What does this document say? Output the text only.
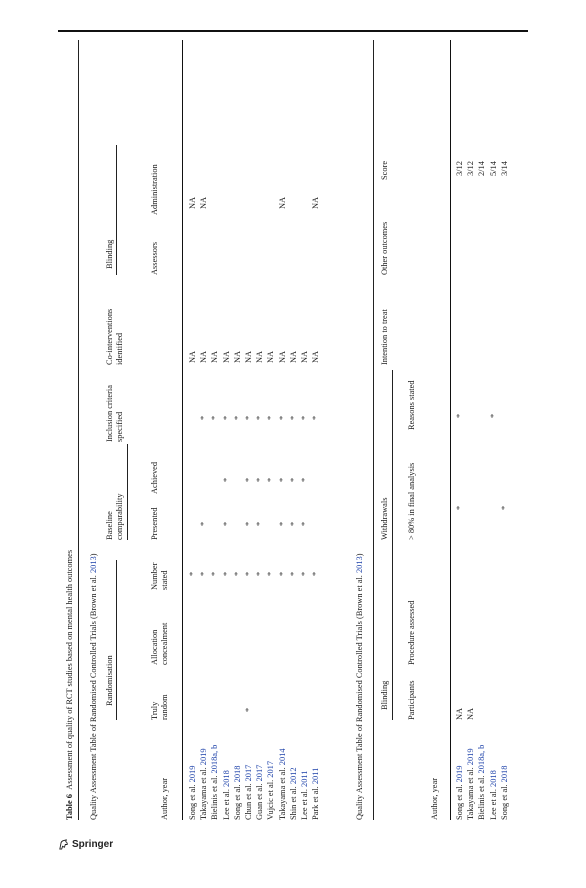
Table 6  Assessment of quality of RCT studies based on mental health outcomes Quality Assessment Table of Randomised Controlled Trials (Brown et al. 2013)
Author, year
Randomisation
Truly random
Allocation concealment
Number stated
Baseline comparability	Presented
Achieved
Inclusion criteria specified
Co-interventions identified
Blinding	Assessors
Administration
Song et al. 2019
*
NA
NA
Takayama et al. 2019
*
*
*
NA
NA
Bielinis et al. 2018a, b
*
*
NA
Lee et al. 2018
*
*
*
*
NA
Song et al. 2018
*
*
NA
Chun et al. 2017
*
*
*
*
*
NA
Guan et al. 2017
*
*
*
*
NA
Vujcic et al. 2017
*
*
*
NA
Takayama et al. 2014
*
*
*
*
NA
NA
Shin et al. 2012
*
*
*
*
NA
Lee et al. 2011
*
*
*
*
NA
Park et al. 2011
*
*
NA
NA
Quality Assessment Table of Randomised Controlled Trials (Brown et al. 2013)
Author, year
Blinding Participants
Procedure assessed
Withdrawals > 80% in final analysis
Reasons stated
Intention to treat
Other outcomes
Score
Song et al. 2019
NA
*
*
3/12
Takayama et al. 2019
NA
3/12
Bielinis et al. 2018a, b
2/14
Lee et al. 2018
*
5/14
Song et al. 2018
*
3/14
Springer
